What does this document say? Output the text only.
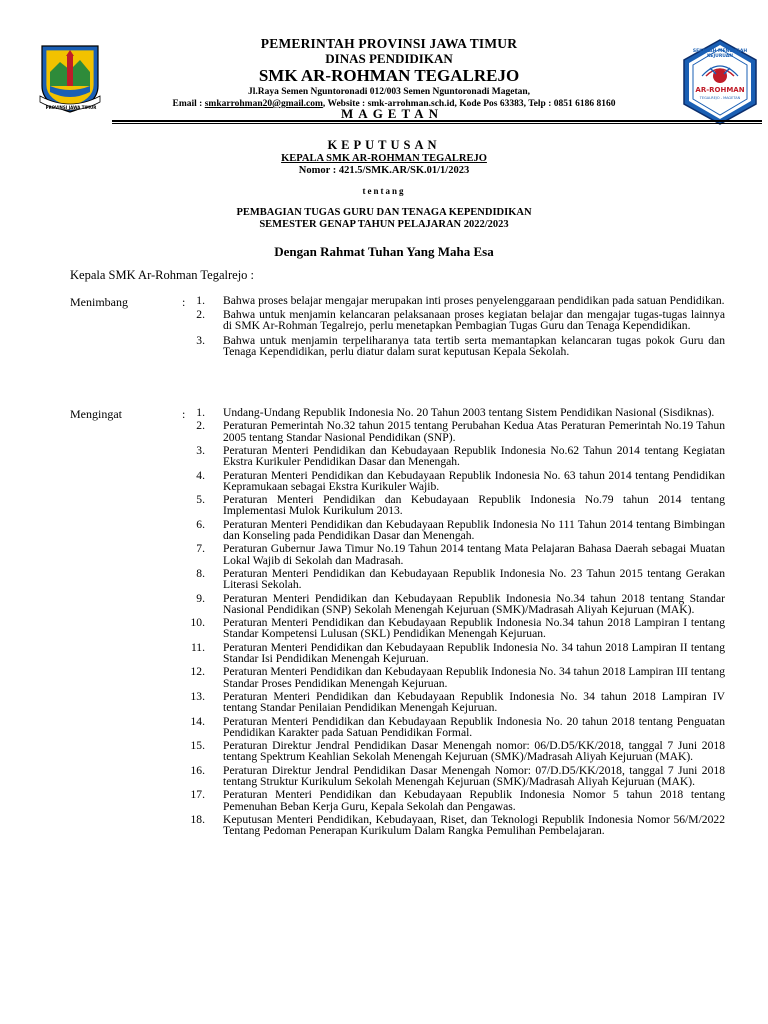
PROVINSI JAWA TIMUR
SEKOLAH MENENGAH KEJURUAN
AR-ROHMAN
TEGALREJO - MAGETAN
PEMERINTAH PROVINSI JAWA TIMUR
DINAS PENDIDIKAN
SMK AR-ROHMAN TEGALREJO
Jl.Raya Semen Nguntoronadi 012/003 Semen Nguntoronadi Magetan,
Email : smkarrohman20@gmail.com, Website : smk-arrohman.sch.id, Kode Pos 63383, Telp : 0851 6186 8160
MAGETAN
KEPUTUSAN
KEPALA SMK AR-ROHMAN TEGALREJO
Nomor : 421.5/SMK.AR/SK.01/1/2023
tentang
PEMBAGIAN TUGAS GURU DAN TENAGA KEPENDIDIKAN
SEMESTER GENAP TAHUN PELAJARAN 2022/2023
Dengan Rahmat Tuhan Yang Maha Esa
Kepala SMK Ar-Rohman Tegalrejo :
Menimbang	: 1. Bahwa proses belajar mengajar merupakan inti proses penyelenggaraan pendidikan pada satuan Pendidikan.
2. Bahwa untuk menjamin kelancaran pelaksanaan proses kegiatan belajar dan mengajar tugas-tugas lainnya di SMK Ar-Rohman Tegalrejo, perlu menetapkan Pembagian Tugas Guru dan Tenaga Kependidikan.
3. Bahwa untuk menjamin terpeliharanya tata tertib serta memantapkan kelancaran tugas pokok Guru dan Tenaga Kependidikan, perlu diatur dalam surat keputusan Kepala Sekolah.
Mengingat	: 1. Undang-Undang Republik Indonesia No. 20 Tahun 2003 tentang Sistem Pendidikan Nasional (Sisdiknas).
2. Peraturan Pemerintah No.32 tahun 2015 tentang Perubahan Kedua Atas Peraturan Pemerintah No.19 Tahun 2005 tentang Standar Nasional Pendidikan (SNP).
3. Peraturan Menteri Pendidikan dan Kebudayaan Republik Indonesia No.62 Tahun 2014 tentang Kegiatan Ekstra Kurikuler Pendidikan Dasar dan Menengah.
4. Peraturan Menteri Pendidikan dan Kebudayaan Republik Indonesia No. 63 tahun 2014 tentang Pendidikan Kepramukaan sebagai Ekstra Kurikuler Wajib.
5. Peraturan Menteri Pendidikan dan Kebudayaan Republik Indonesia No.79 tahun 2014 tentang Implementasi Mulok Kurikulum 2013.
6. Peraturan Menteri Pendidikan dan Kebudayaan Republik Indonesia No 111 Tahun 2014 tentang Bimbingan dan Konseling pada Pendidikan Dasar dan Menengah.
7. Peraturan Gubernur Jawa Timur No.19 Tahun 2014 tentang Mata Pelajaran Bahasa Daerah sebagai Muatan Lokal Wajib di Sekolah dan Madrasah.
8. Peraturan Menteri Pendidikan dan Kebudayaan Republik Indonesia No. 23 Tahun 2015 tentang Gerakan Literasi Sekolah.
9. Peraturan Menteri Pendidikan dan Kebudayaan Republik Indonesia No.34 tahun 2018 tentang Standar Nasional Pendidikan (SNP) Sekolah Menengah Kejuruan (SMK)/Madrasah Aliyah Kejuruan (MAK).
10. Peraturan Menteri Pendidikan dan Kebudayaan Republik Indonesia No.34 tahun 2018 Lampiran I tentang Standar Kompetensi Lulusan (SKL) Pendidikan Menengah Kejuruan.
11. Peraturan Menteri Pendidikan dan Kebudayaan Republik Indonesia No. 34 tahun 2018 Lampiran II tentang Standar Isi Pendidikan Menengah Kejuruan.
12. Peraturan Menteri Pendidikan dan Kebudayaan Republik Indonesia No. 34 tahun 2018 Lampiran III tentang Standar Proses Pendidikan Menengah Kejuruan.
13. Peraturan Menteri Pendidikan dan Kebudayaan Republik Indonesia No. 34 tahun 2018 Lampiran IV tentang Standar Penilaian Pendidikan Menengah Kejuruan.
14. Peraturan Menteri Pendidikan dan Kebudayaan Republik Indonesia No. 20 tahun 2018 tentang Penguatan Pendidikan Karakter pada Satuan Pendidikan Formal.
15. Peraturan Direktur Jendral Pendidikan Dasar Menengah nomor: 06/D.D5/KK/2018, tanggal 7 Juni 2018 tentang Spektrum Keahlian Sekolah Menengah Kejuruan (SMK)/Madrasah Aliyah Kejuruan (MAK).
16. Peraturan Direktur Jendral Pendidikan Dasar Menengah Nomor: 07/D.D5/KK/2018, tanggal 7 Juni 2018 tentang Struktur Kurikulum Sekolah Menengah Kejuruan (SMK)/Madrasah Aliyah Kejuruan (MAK).
17. Peraturan Menteri Pendidikan dan Kebudayaan Republik Indonesia Nomor 5 tahun 2018 tentang Pemenuhan Beban Kerja Guru, Kepala Sekolah dan Pengawas.
18. Keputusan Menteri Pendidikan, Kebudayaan, Riset, dan Teknologi Republik Indonesia Nomor 56/M/2022 Tentang Pedoman Penerapan Kurikulum Dalam Rangka Pemulihan Pembelajaran.
